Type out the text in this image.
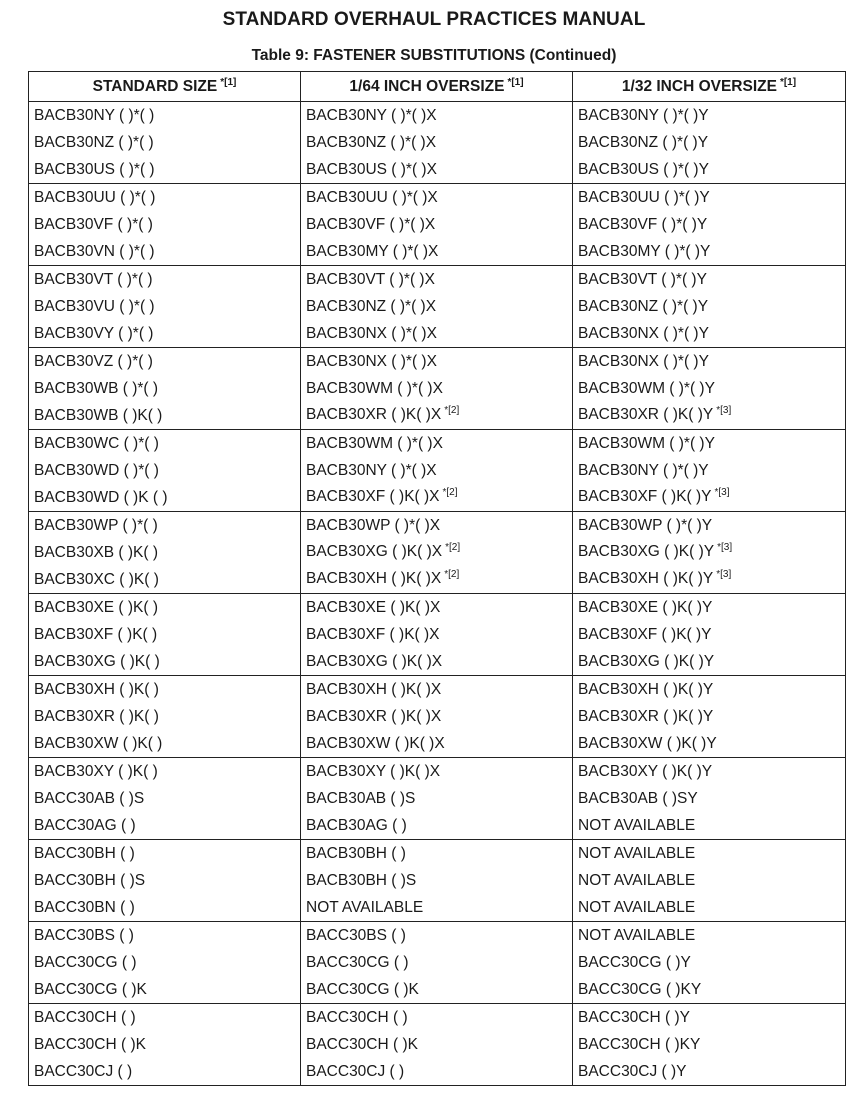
STANDARD OVERHAUL PRACTICES MANUAL
Table 9: FASTENER SUBSTITUTIONS (Continued)
STANDARD SIZE $^{*[1]}$	1/64 INCH OVERSIZE $^{*[1]}$	1/32 INCH OVERSIZE $^{*[1]}$
BACB30NY ( )*( )	BACB30NY ( )*( )X	BACB30NY ( )*( )Y
BACB30NZ ( )*( )	BACB30NZ ( )*( )X	BACB30NZ ( )*( )Y
BACB30US ( )*( )	BACB30US ( )*( )X	BACB30US ( )*( )Y
BACB30UU ( )*( )	BACB30UU ( )*( )X	BACB30UU ( )*( )Y
BACB30VF ( )*( )	BACB30VF ( )*( )X	BACB30VF ( )*( )Y
BACB30VN ( )*( )	BACB30MY ( )*( )X	BACB30MY ( )*( )Y
BACB30VT ( )*( )	BACB30VT ( )*( )X	BACB30VT ( )*( )Y
BACB30VU ( )*( )	BACB30NZ ( )*( )X	BACB30NZ ( )*( )Y
BACB30VY ( )*( )	BACB30NX ( )*( )X	BACB30NX ( )*( )Y
BACB30VZ ( )*( )	BACB30NX ( )*( )X	BACB30NX ( )*( )Y
BACB30WB ( )*( )	BACB30WM ( )*( )X	BACB30WM ( )*( )Y
BACB30WB ( )K( )	BACB30XR ( )K( )X $^{*[2]}$	BACB30XR ( )K( )Y $^{*[3]}$
BACB30WC ( )*( )	BACB30WM ( )*( )X	BACB30WM ( )*( )Y
BACB30WD ( )*( )	BACB30NY ( )*( )X	BACB30NY ( )*( )Y
BACB30WD ( )K ( )	BACB30XF ( )K( )X $^{*[2]}$	BACB30XF ( )K( )Y $^{*[3]}$
BACB30WP ( )*( )	BACB30WP ( )*( )X	BACB30WP ( )*( )Y
BACB30XB ( )K( )	BACB30XG ( )K( )X $^{*[2]}$	BACB30XG ( )K( )Y $^{*[3]}$
BACB30XC ( )K( )	BACB30XH ( )K( )X $^{*[2]}$	BACB30XH ( )K( )Y $^{*[3]}$
BACB30XE ( )K( )	BACB30XE ( )K( )X	BACB30XE ( )K( )Y
BACB30XF ( )K( )	BACB30XF ( )K( )X	BACB30XF ( )K( )Y
BACB30XG ( )K( )	BACB30XG ( )K( )X	BACB30XG ( )K( )Y
BACB30XH ( )K( )	BACB30XH ( )K( )X	BACB30XH ( )K( )Y
BACB30XR ( )K( )	BACB30XR ( )K( )X	BACB30XR ( )K( )Y
BACB30XW ( )K( )	BACB30XW ( )K( )X	BACB30XW ( )K( )Y
BACB30XY ( )K( )	BACB30XY ( )K( )X	BACB30XY ( )K( )Y
BACC30AB ( )S	BACB30AB ( )S	BACB30AB ( )SY
BACC30AG ( )	BACB30AG ( )	NOT AVAILABLE
BACC30BH ( )	BACB30BH ( )	NOT AVAILABLE
BACC30BH ( )S	BACB30BH ( )S	NOT AVAILABLE
BACC30BN ( )	NOT AVAILABLE	NOT AVAILABLE
BACC30BS ( )	BACC30BS ( )	NOT AVAILABLE
BACC30CG ( )	BACC30CG ( )	BACC30CG ( )Y
BACC30CG ( )K	BACC30CG ( )K	BACC30CG ( )KY
BACC30CH ( )	BACC30CH ( )	BACC30CH ( )Y
BACC30CH ( )K	BACC30CH ( )K	BACC30CH ( )KY
BACC30CJ ( )	BACC30CJ ( )	BACC30CJ ( )Y
